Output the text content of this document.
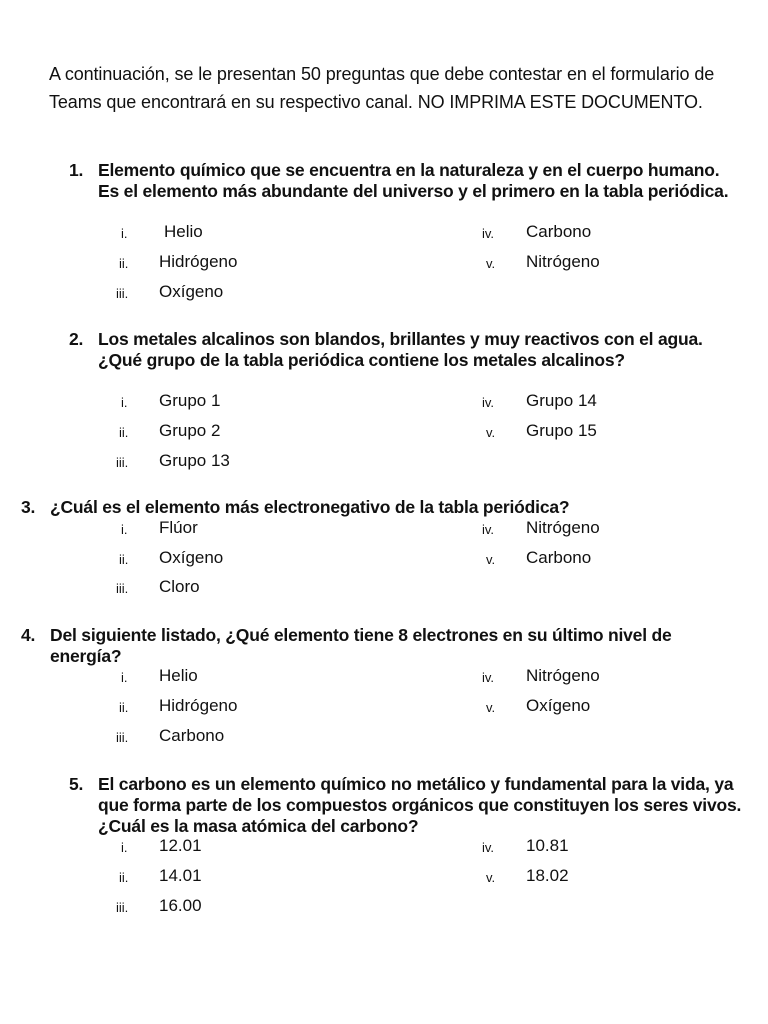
A continuación, se le presentan 50 preguntas que debe contestar en el formulario de Teams que encontrará en su respectivo canal. NO IMPRIMA ESTE DOCUMENTO.
1. Elemento químico que se encuentra en la naturaleza y en el cuerpo humano. Es el elemento más abundante del universo y el primero en la tabla periódica.
i.	Helio
ii.	Hidrógeno
iii.	Oxígeno
iv.	Carbono
v.	Nitrógeno
2. Los metales alcalinos son blandos, brillantes y muy reactivos con el agua. ¿Qué grupo de la tabla periódica contiene los metales alcalinos?
i.	Grupo 1
ii.	Grupo 2
iii.	Grupo 13
iv.	Grupo 14
v.	Grupo 15
3. ¿Cuál es el elemento más electronegativo de la tabla periódica?
i.	Flúor
ii.	Oxígeno
iii.	Cloro
iv.	Nitrógeno
v.	Carbono
4. Del siguiente listado, ¿Qué elemento tiene 8 electrones en su último nivel de energía?
i.	Helio
ii.	Hidrógeno
iii.	Carbono
iv.	Nitrógeno
v.	Oxígeno
5. El carbono es un elemento químico no metálico y fundamental para la vida, ya que forma parte de los compuestos orgánicos que constituyen los seres vivos. ¿Cuál es la masa atómica del carbono?
i.	12.01
ii.	14.01
iii.	16.00
iv.	10.81
v.	18.02
